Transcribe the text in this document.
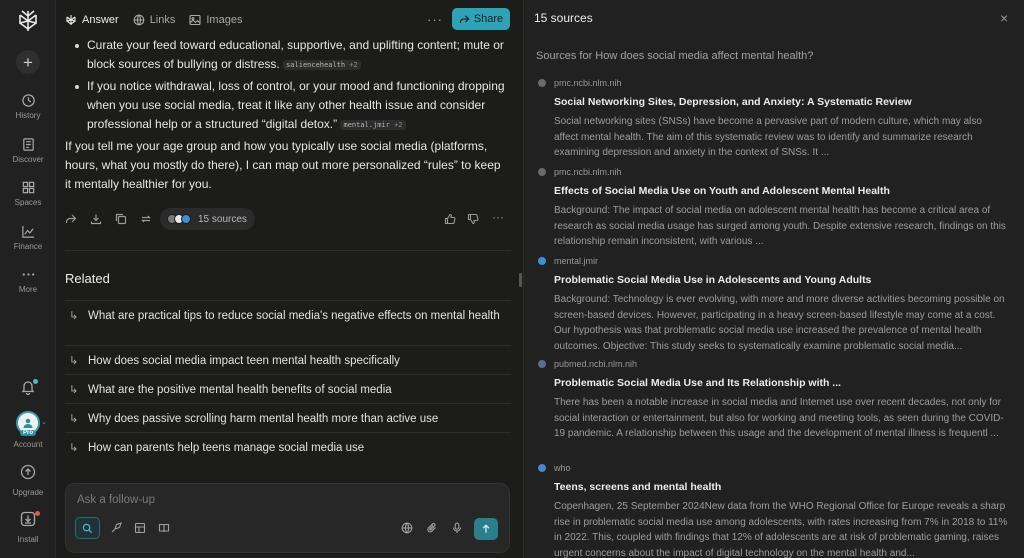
+
History
Discover
Spaces
Finance
More
Pro
⌄
Account
Upgrade
Install
Answer	Links	Images	···	Share
Curate your feed toward educational, supportive, and uplifting content; mute or block sources of bullying or distress. saliencehealth +2
If you notice withdrawal, loss of control, or your mood and functioning dropping when you use social media, treat it like any other health issue and consider professional help or a structured “digital detox.” mental.jmir +2
If you tell me your age group and how you typically use social media (platforms, hours, what you mostly do there), I can map out more personalized “rules” to keep it mentally healthier for you.
15 sources	···
Related
↳ What are practical tips to reduce social media's negative effects on mental health
↳ How does social media impact teen mental health specifically
↳ What are the positive mental health benefits of social media
↳ Why does passive scrolling harm mental health more than active use
↳ How can parents help teens manage social media use
Ask a follow-up
15 sources	×
Sources for How does social media affect mental health?
pmc.ncbi.nlm.nih
Social Networking Sites, Depression, and Anxiety: A Systematic Review
Social networking sites (SNSs) have become a pervasive part of modern culture, which may also affect mental health. The aim of this systematic review was to identify and summarize research examining depression and anxiety in the context of SNSs. It ...
pmc.ncbi.nlm.nih
Effects of Social Media Use on Youth and Adolescent Mental Health
Background: The impact of social media on adolescent mental health has become a critical area of research as social media usage has surged among youth. Despite extensive research, findings on this relationship remain inconsistent, with various ...
mental.jmir
Problematic Social Media Use in Adolescents and Young Adults
Background: Technology is ever evolving, with more and more diverse activities becoming possible on screen-based devices. However, participating in a heavy screen-based lifestyle may come at a cost. Our hypothesis was that problematic social media use increased the prevalence of mental health outcomes. Objective: This study seeks to systematically examine problematic social media...
pubmed.ncbi.nlm.nih
Problematic Social Media Use and Its Relationship with ...
There has been a notable increase in social media and Internet use over recent decades, not only for social interaction or entertainment, but also for working and meeting tools, as seen during the COVID-19 pandemic. A relationship between this usage and the development of mental illness is frequentl ...
who
Teens, screens and mental health
Copenhagen, 25 September 2024New data from the WHO Regional Office for Europe reveals a sharp rise in problematic social media use among adolescents, with rates increasing from 7% in 2018 to 11% in 2022. This, coupled with findings that 12% of adolescents are at risk of problematic gaming, raises urgent concerns about the impact of digital technology on the mental health and...
